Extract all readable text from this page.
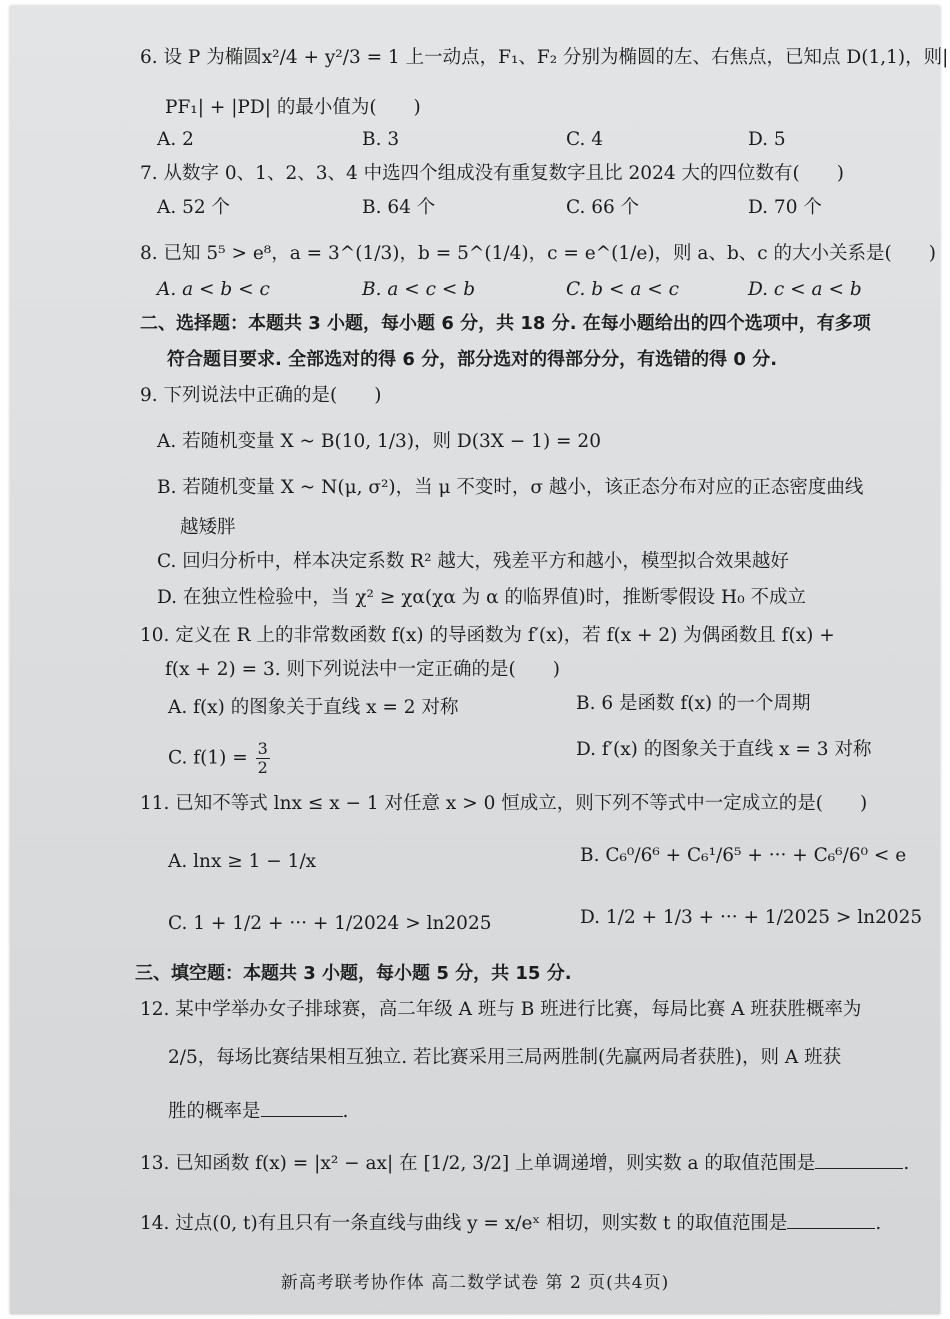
6. 设 P 为椭圆x²/4 + y²/3 = 1 上一动点，F₁、F₂ 分别为椭圆的左、右焦点，已知点 D(1,1)，则|
PF₁| + |PD| 的最小值为(　　)
A. 2	B. 3	C. 4	D. 5
7. 从数字 0、1、2、3、4 中选四个组成没有重复数字且比 2024 大的四位数有(　　)
A. 52 个	B. 64 个	C. 66 个	D. 70 个
8. 已知 5⁵ > e⁸，a = 3^(1/3)，b = 5^(1/4)，c = e^(1/e)，则 a、b、c 的大小关系是(　　)
A. a < b < c	B. a < c < b	C. b < a < c	D. c < a < b
二、选择题：本题共 3 小题，每小题 6 分，共 18 分. 在每小题给出的四个选项中，有多项
符合题目要求. 全部选对的得 6 分，部分选对的得部分分，有选错的得 0 分.
9. 下列说法中正确的是(　　)
A. 若随机变量 X ~ B(10, 1/3)，则 D(3X − 1) = 20
B. 若随机变量 X ~ N(μ, σ²)，当 μ 不变时，σ 越小，该正态分布对应的正态密度曲线
越矮胖
C. 回归分析中，样本决定系数 R² 越大，残差平方和越小，模型拟合效果越好
D. 在独立性检验中，当 χ² ≥ χα(χα 为 α 的临界值)时，推断零假设 H₀ 不成立
10. 定义在 R 上的非常数函数 f(x) 的导函数为 f′(x)，若 f(x + 2) 为偶函数且 f(x) +
f(x + 2) = 3. 则下列说法中一定正确的是(　　)
A. f(x) 的图象关于直线 x = 2 对称	B. 6 是函数 f(x) 的一个周期
C. $f(1) = \frac{3}{2}$	D. f′(x) 的图象关于直线 x = 3 对称
11. 已知不等式 lnx ≤ x − 1 对任意 x > 0 恒成立，则下列不等式中一定成立的是(　　)
A. lnx ≥ 1 − 1/x	B. C₆⁰/6⁶ + C₆¹/6⁵ + ··· + C₆⁶/6⁰ < e
C. 1 + 1/2 + ··· + 1/2024 > ln2025	D. 1/2 + 1/3 + ··· + 1/2025 > ln2025
三、填空题：本题共 3 小题，每小题 5 分，共 15 分.
12. 某中学举办女子排球赛，高二年级 A 班与 B 班进行比赛，每局比赛 A 班获胜概率为
2/5，每场比赛结果相互独立. 若比赛采用三局两胜制(先赢两局者获胜)，则 A 班获
胜的概率是	.
13. 已知函数 f(x) = |x² − ax| 在 [1/2, 3/2] 上单调递增，则实数 a 的取值范围是	.
14. 过点(0, t)有且只有一条直线与曲线 y = x/eˣ 相切，则实数 t 的取值范围是	.
新高考联考协作体 高二数学试卷 第 2 页(共4页)
